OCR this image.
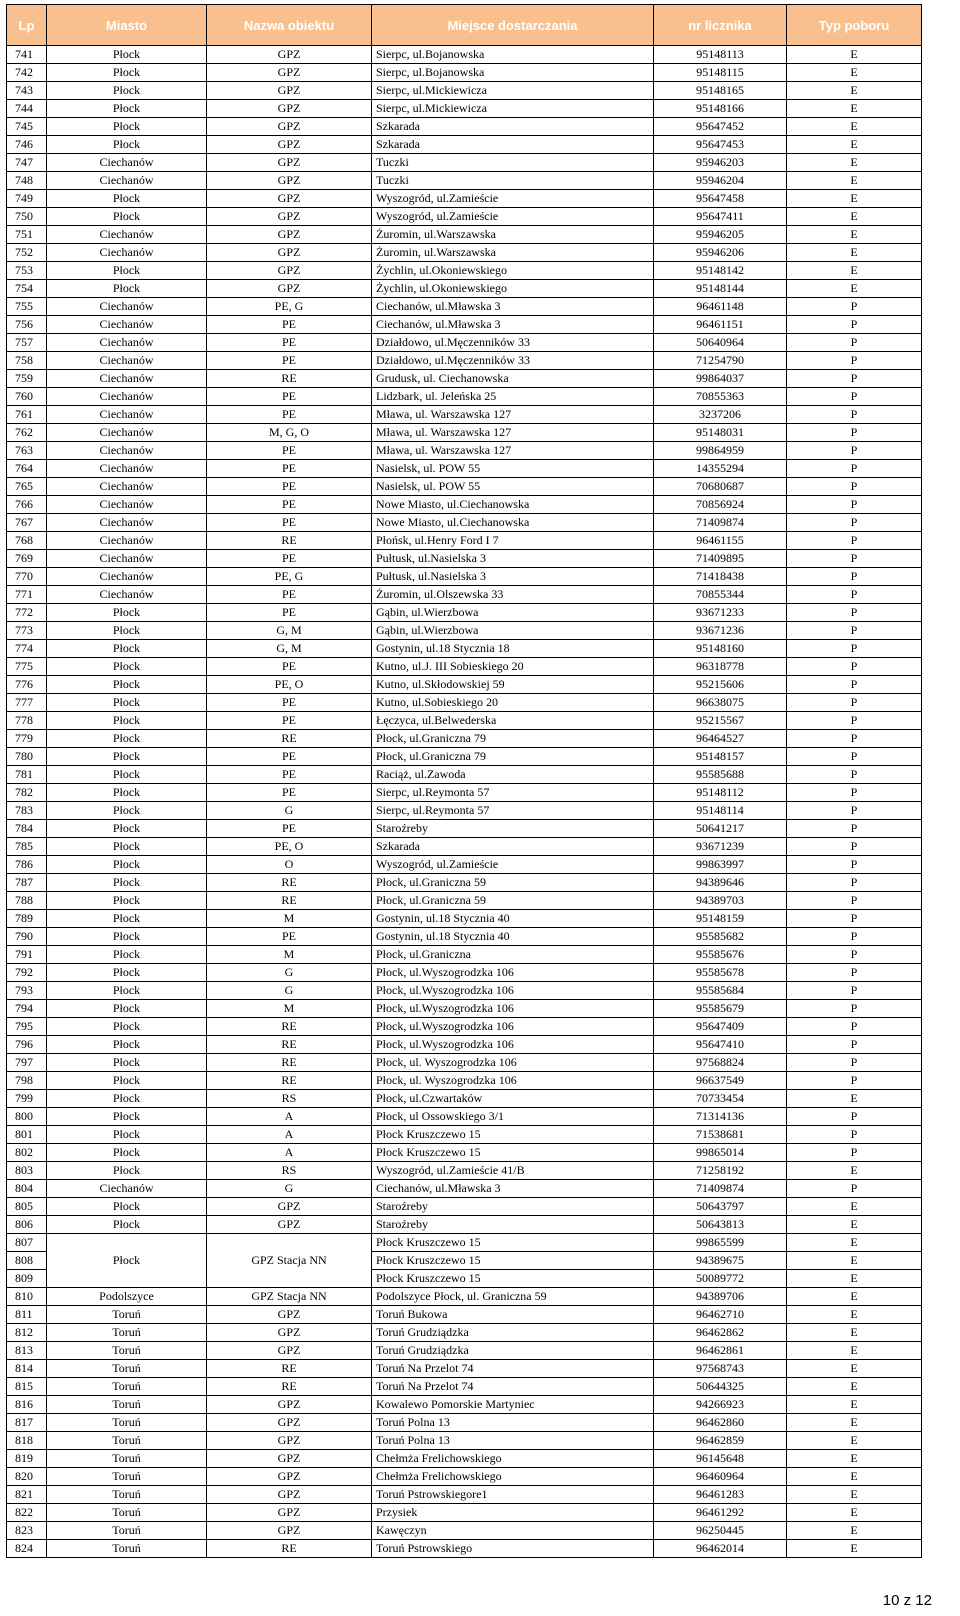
Lp	Miasto	Nazwa obiektu	Miejsce dostarczania	nr licznika	Typ poboru
741	Płock	GPZ	Sierpc, ul.Bojanowska	95148113	E
742	Płock	GPZ	Sierpc, ul.Bojanowska	95148115	E
743	Płock	GPZ	Sierpc, ul.Mickiewicza	95148165	E
744	Płock	GPZ	Sierpc, ul.Mickiewicza	95148166	E
745	Płock	GPZ	Szkarada	95647452	E
746	Płock	GPZ	Szkarada	95647453	E
747	Ciechanów	GPZ	Tuczki	95946203	E
748	Ciechanów	GPZ	Tuczki	95946204	E
749	Płock	GPZ	Wyszogród, ul.Zamieście	95647458	E
750	Płock	GPZ	Wyszogród, ul.Zamieście	95647411	E
751	Ciechanów	GPZ	Żuromin, ul.Warszawska	95946205	E
752	Ciechanów	GPZ	Żuromin, ul.Warszawska	95946206	E
753	Płock	GPZ	Żychlin, ul.Okoniewskiego	95148142	E
754	Płock	GPZ	Żychlin, ul.Okoniewskiego	95148144	E
755	Ciechanów	PE, G	Ciechanów, ul.Mławska 3	96461148	P
756	Ciechanów	PE	Ciechanów, ul.Mławska 3	96461151	P
757	Ciechanów	PE	Działdowo, ul.Męczenników 33	50640964	P
758	Ciechanów	PE	Działdowo, ul.Męczenników 33	71254790	P
759	Ciechanów	RE	Grudusk, ul. Ciechanowska	99864037	P
760	Ciechanów	PE	Lidzbark, ul. Jeleńska 25	70855363	P
761	Ciechanów	PE	Mława, ul. Warszawska 127	3237206	P
762	Ciechanów	M, G, O	Mława, ul. Warszawska 127	95148031	P
763	Ciechanów	PE	Mława, ul. Warszawska 127	99864959	P
764	Ciechanów	PE	Nasielsk, ul. POW 55	14355294	P
765	Ciechanów	PE	Nasielsk, ul. POW 55	70680687	P
766	Ciechanów	PE	Nowe Miasto, ul.Ciechanowska	70856924	P
767	Ciechanów	PE	Nowe Miasto, ul.Ciechanowska	71409874	P
768	Ciechanów	RE	Płońsk, ul.Henry Ford I 7	96461155	P
769	Ciechanów	PE	Pułtusk, ul.Nasielska 3	71409895	P
770	Ciechanów	PE, G	Pułtusk, ul.Nasielska 3	71418438	P
771	Ciechanów	PE	Żuromin, ul.Olszewska 33	70855344	P
772	Płock	PE	Gąbin, ul.Wierzbowa	93671233	P
773	Płock	G, M	Gąbin, ul.Wierzbowa	93671236	P
774	Płock	G, M	Gostynin, ul.18 Stycznia 18	95148160	P
775	Płock	PE	Kutno, ul.J. III Sobieskiego 20	96318778	P
776	Płock	PE, O	Kutno, ul.Skłodowskiej 59	95215606	P
777	Płock	PE	Kutno, ul.Sobieskiego 20	96638075	P
778	Płock	PE	Łęczyca, ul.Belwederska	95215567	P
779	Płock	RE	Płock, ul.Graniczna 79	96464527	P
780	Płock	PE	Płock, ul.Graniczna 79	95148157	P
781	Płock	PE	Raciąż, ul.Zawoda	95585688	P
782	Płock	PE	Sierpc, ul.Reymonta 57	95148112	P
783	Płock	G	Sierpc, ul.Reymonta 57	95148114	P
784	Płock	PE	Staroźreby	50641217	P
785	Płock	PE, O	Szkarada	93671239	P
786	Płock	O	Wyszogród, ul.Zamieście	99863997	P
787	Płock	RE	Płock, ul.Graniczna 59	94389646	P
788	Płock	RE	Płock, ul.Graniczna 59	94389703	P
789	Płock	M	Gostynin, ul.18 Stycznia 40	95148159	P
790	Płock	PE	Gostynin, ul.18 Stycznia 40	95585682	P
791	Płock	M	Płock, ul.Graniczna	95585676	P
792	Płock	G	Płock, ul.Wyszogrodzka 106	95585678	P
793	Płock	G	Płock, ul.Wyszogrodzka 106	95585684	P
794	Płock	M	Płock, ul.Wyszogrodzka 106	95585679	P
795	Płock	RE	Płock, ul.Wyszogrodzka 106	95647409	P
796	Płock	RE	Płock, ul.Wyszogrodzka 106	95647410	P
797	Płock	RE	Płock, ul. Wyszogrodzka 106	97568824	P
798	Płock	RE	Płock, ul. Wyszogrodzka 106	96637549	P
799	Płock	RS	Płock, ul.Czwartaków	70733454	E
800	Płock	A	Płock, ul Ossowskiego 3/1	71314136	P
801	Płock	A	Płock Kruszczewo 15	71538681	P
802	Płock	A	Płock Kruszczewo 15	99865014	P
803	Płock	RS	Wyszogród, ul.Zamieście 41/B	71258192	E
804	Ciechanów	G	Ciechanów, ul.Mławska 3	71409874	P
805	Płock	GPZ	Staroźreby	50643797	E
806	Płock	GPZ	Staroźreby	50643813	E
807	Płock	GPZ Stacja NN	Płock Kruszczewo 15	99865599	E
808			Płock Kruszczewo 15	94389675	E
809			Płock Kruszczewo 15	50089772	E
810	Podolszyce	GPZ Stacja NN	Podolszyce Płock, ul. Graniczna 59	94389706	E
811	Toruń	GPZ	Toruń Bukowa	96462710	E
812	Toruń	GPZ	Toruń Grudziądzka	96462862	E
813	Toruń	GPZ	Toruń Grudziądzka	96462861	E
814	Toruń	RE	Toruń Na Przelot 74	97568743	E
815	Toruń	RE	Toruń Na Przelot 74	50644325	E
816	Toruń	GPZ	Kowalewo Pomorskie Martyniec	94266923	E
817	Toruń	GPZ	Toruń Polna 13	96462860	E
818	Toruń	GPZ	Toruń Polna 13	96462859	E
819	Toruń	GPZ	Chełmża Frelichowskiego	96145648	E
820	Toruń	GPZ	Chełmża Frelichowskiego	96460964	E
821	Toruń	GPZ	Toruń Pstrowskiegore1	96461283	E
822	Toruń	GPZ	Przysiek	96461292	E
823	Toruń	GPZ	Kawęczyn	96250445	E
824	Toruń	RE	Toruń Pstrowskiego	96462014	E
10 z 12
